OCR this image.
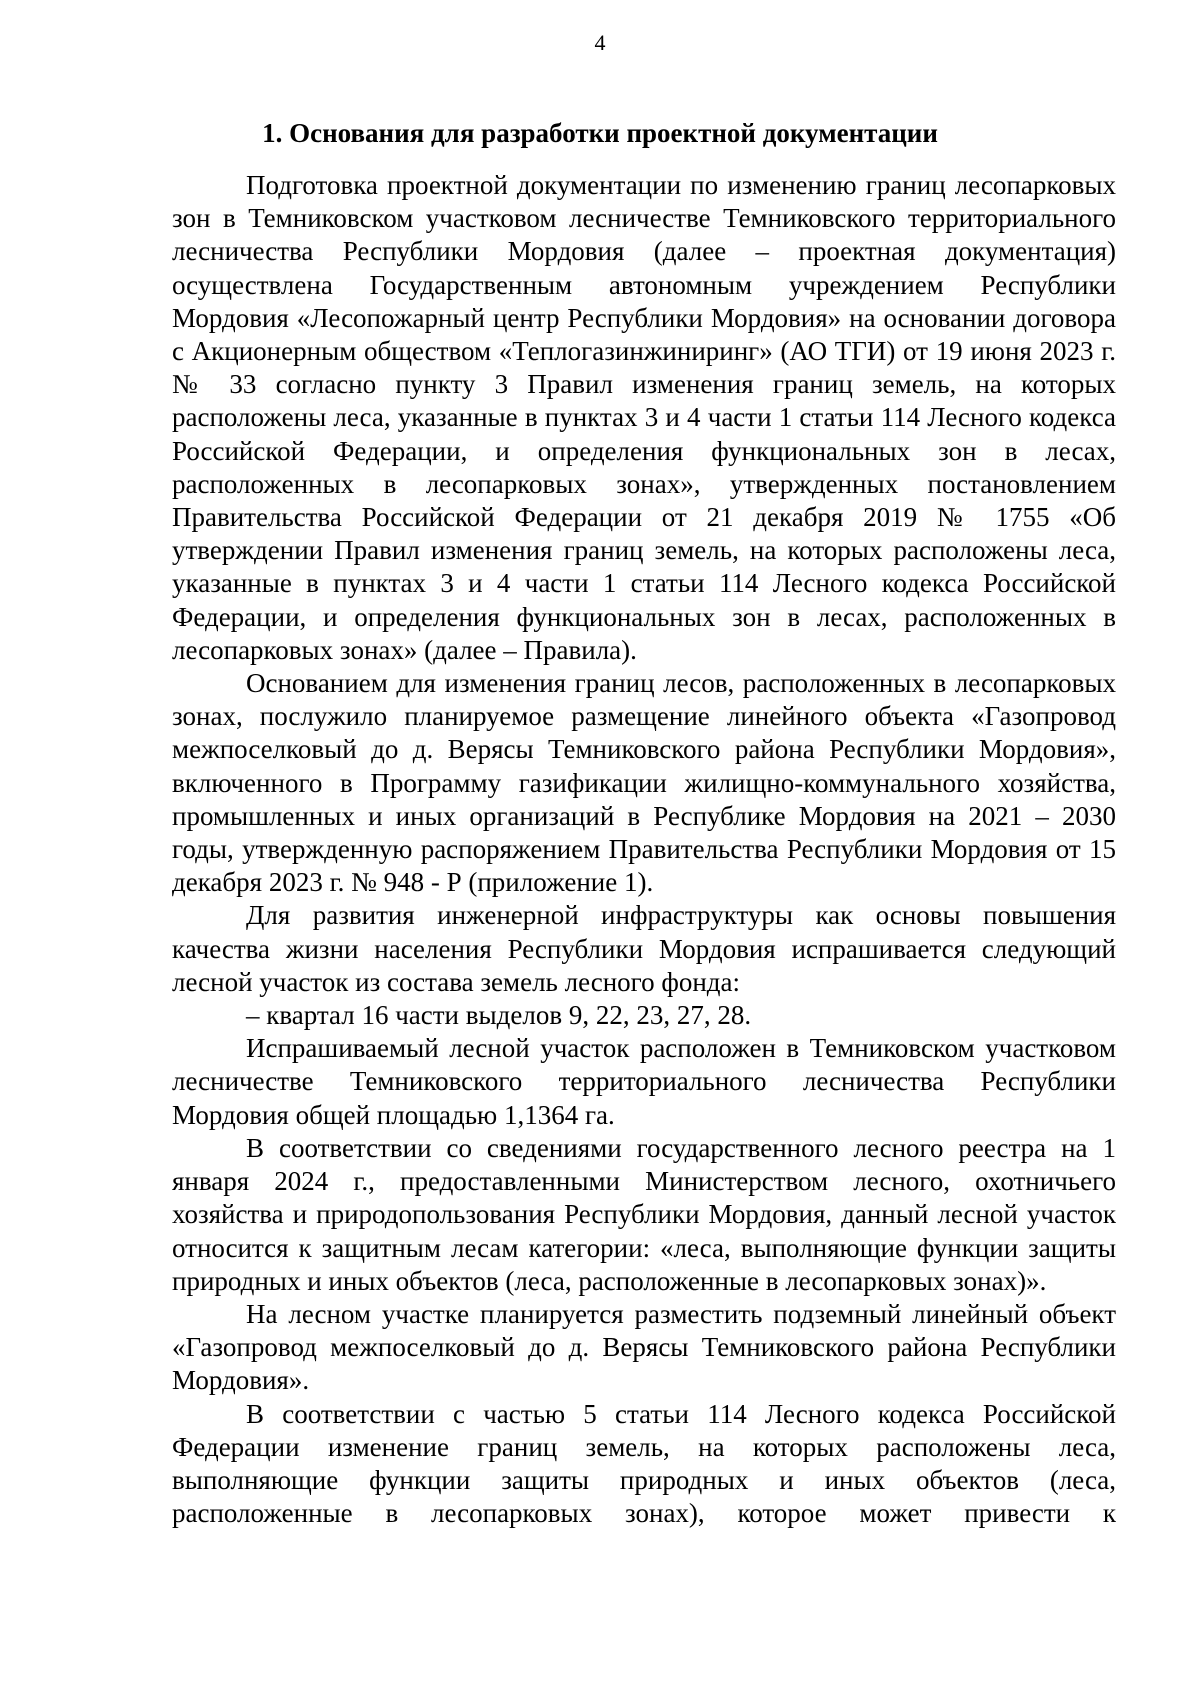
4
1. Основания для разработки проектной документации

Подготовка проектной документации по изменению границ лесопарковых зон в Темниковском участковом лесничестве Темниковского территориального лесничества Республики Мордовия (далее – проектная документация) осуществлена Государственным автономным учреждением Республики Мордовия «Лесопожарный центр Республики Мордовия» на основании договора с Акционерным обществом «Теплогазинжиниринг» (АО ТГИ) от 19 июня 2023 г. № 33 согласно пункту 3 Правил изменения границ земель, на которых расположены леса, указанные в пунктах 3 и 4 части 1 статьи 114 Лесного кодекса Российской Федерации, и определения функциональных зон в лесах, расположенных в лесопарковых зонах», утвержденных постановлением Правительства Российской Федерации от 21 декабря 2019 № 1755 «Об утверждении Правил изменения границ земель, на которых расположены леса, указанные в пунктах 3 и 4 части 1 статьи 114 Лесного кодекса Российской Федерации, и определения функциональных зон в лесах, расположенных в лесопарковых зонах» (далее – Правила).

Основанием для изменения границ лесов, расположенных в лесопарковых зонах, послужило планируемое размещение линейного объекта «Газопровод межпоселковый до д. Верясы Темниковского района Республики Мордовия», включенного в Программу газификации жилищно-коммунального хозяйства, промышленных и иных организаций в Республике Мордовия на 2021 – 2030 годы, утвержденную распоряжением Правительства Республики Мордовия от 15 декабря 2023 г. № 948 - Р (приложение 1).

Для развития инженерной инфраструктуры как основы повышения качества жизни населения Республики Мордовия испрашивается следующий лесной участок из состава земель лесного фонда:

– квартал 16 части выделов 9, 22, 23, 27, 28.

Испрашиваемый лесной участок расположен в Темниковском участковом лесничестве Темниковского территориального лесничества Республики Мордовия общей площадью 1,1364 га.

В соответствии со сведениями государственного лесного реестра на 1 января 2024 г., предоставленными Министерством лесного, охотничьего хозяйства и природопользования Республики Мордовия, данный лесной участок относится к защитным лесам категории: «леса, выполняющие функции защиты природных и иных объектов (леса, расположенные в лесопарковых зонах)».

На лесном участке планируется разместить подземный линейный объект «Газопровод межпоселковый до д. Верясы Темниковского района Республики Мордовия».

В соответствии с частью 5 статьи 114 Лесного кодекса Российской Федерации изменение границ земель, на которых расположены леса, выполняющие функции защиты природных и иных объектов (леса, расположенные в лесопарковых зонах), которое может привести к
